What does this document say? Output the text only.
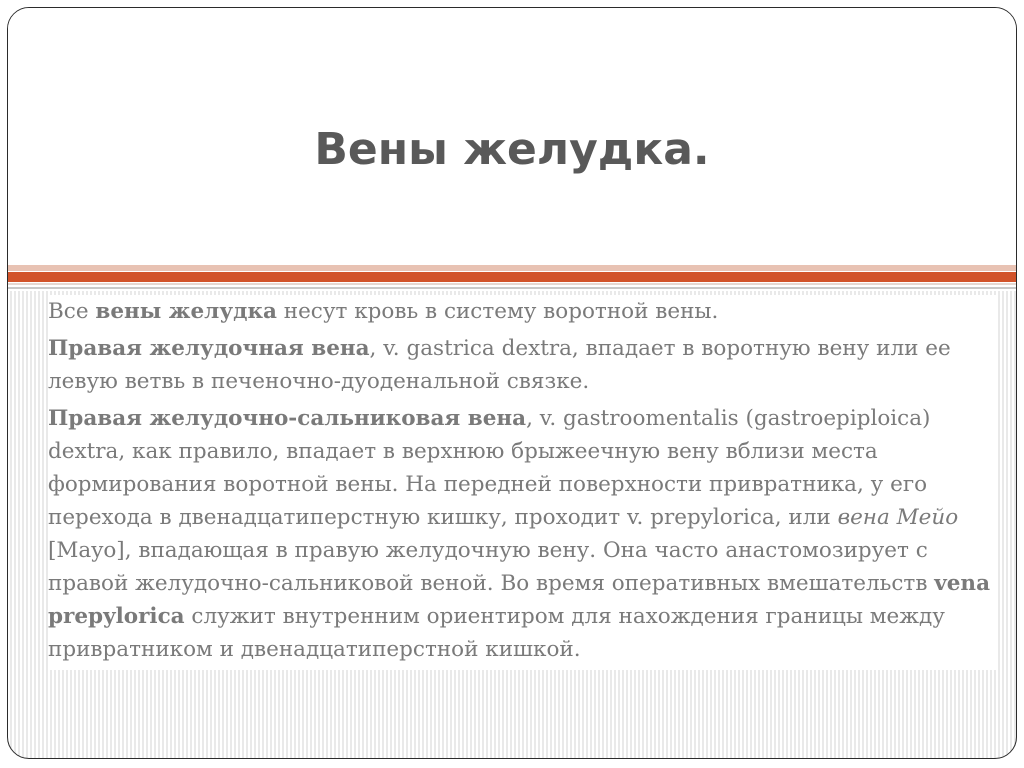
Вены желудка.

Все вены желудка несут кровь в систему воротной вены.

Правая желудочная вена, v. gastrica dextra, впадает в воротную вену или ее левую ветвь в печеночно-дуоденальной связке.

Правая желудочно-сальниковая вена, v. gastroomentalis (gastroepiploica) dextra, как правило, впадает в верхнюю брыжеечную вену вблизи места формирования воротной вены. На передней поверхности привратника, у его перехода в двенадцатиперстную кишку, проходит v. prepylorica, или вена Мейо [Mayo], впадающая в правую желудочную вену. Она часто анастомозирует с правой желудочно-сальниковой веной. Во время оперативных вмешательств vena prepylorica служит внутренним ориентиром для нахождения границы между привратником и двенадцатиперстной кишкой.
